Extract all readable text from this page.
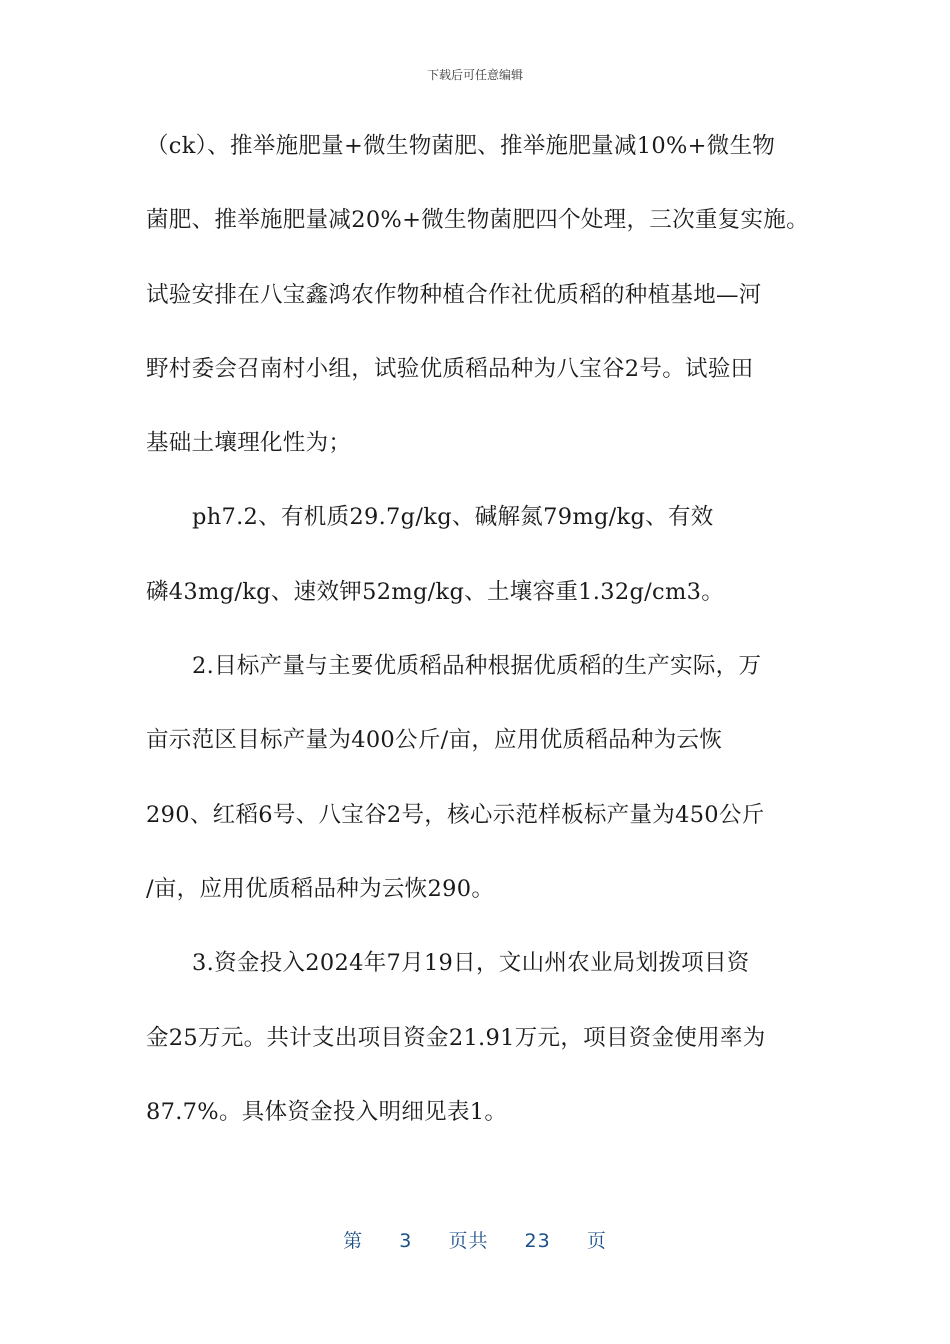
下载后可任意编辑
（ck）、推举施肥量+微生物菌肥、推举施肥量减10%+微生物
菌肥、推举施肥量减20%+微生物菌肥四个处理，三次重复实施。
试验安排在八宝鑫鸿农作物种植合作社优质稻的种植基地—河
野村委会召南村小组，试验优质稻品种为八宝谷2号。试验田
基础土壤理化性为；
ph7.2、有机质29.7g/kg、碱解氮79mg/kg、有效
磷43mg/kg、速效钾52mg/kg、土壤容重1.32g/cm3。
2.目标产量与主要优质稻品种根据优质稻的生产实际，万
亩示范区目标产量为400公斤/亩，应用优质稻品种为云恢
290、红稻6号、八宝谷2号，核心示范样板标产量为450公斤
/亩，应用优质稻品种为云恢290。
3.资金投入2024年7月19日，文山州农业局划拨项目资
金25万元。共计支出项目资金21.91万元，项目资金使用率为
87.7%。具体资金投入明细见表1。
第 3 页共 23 页
